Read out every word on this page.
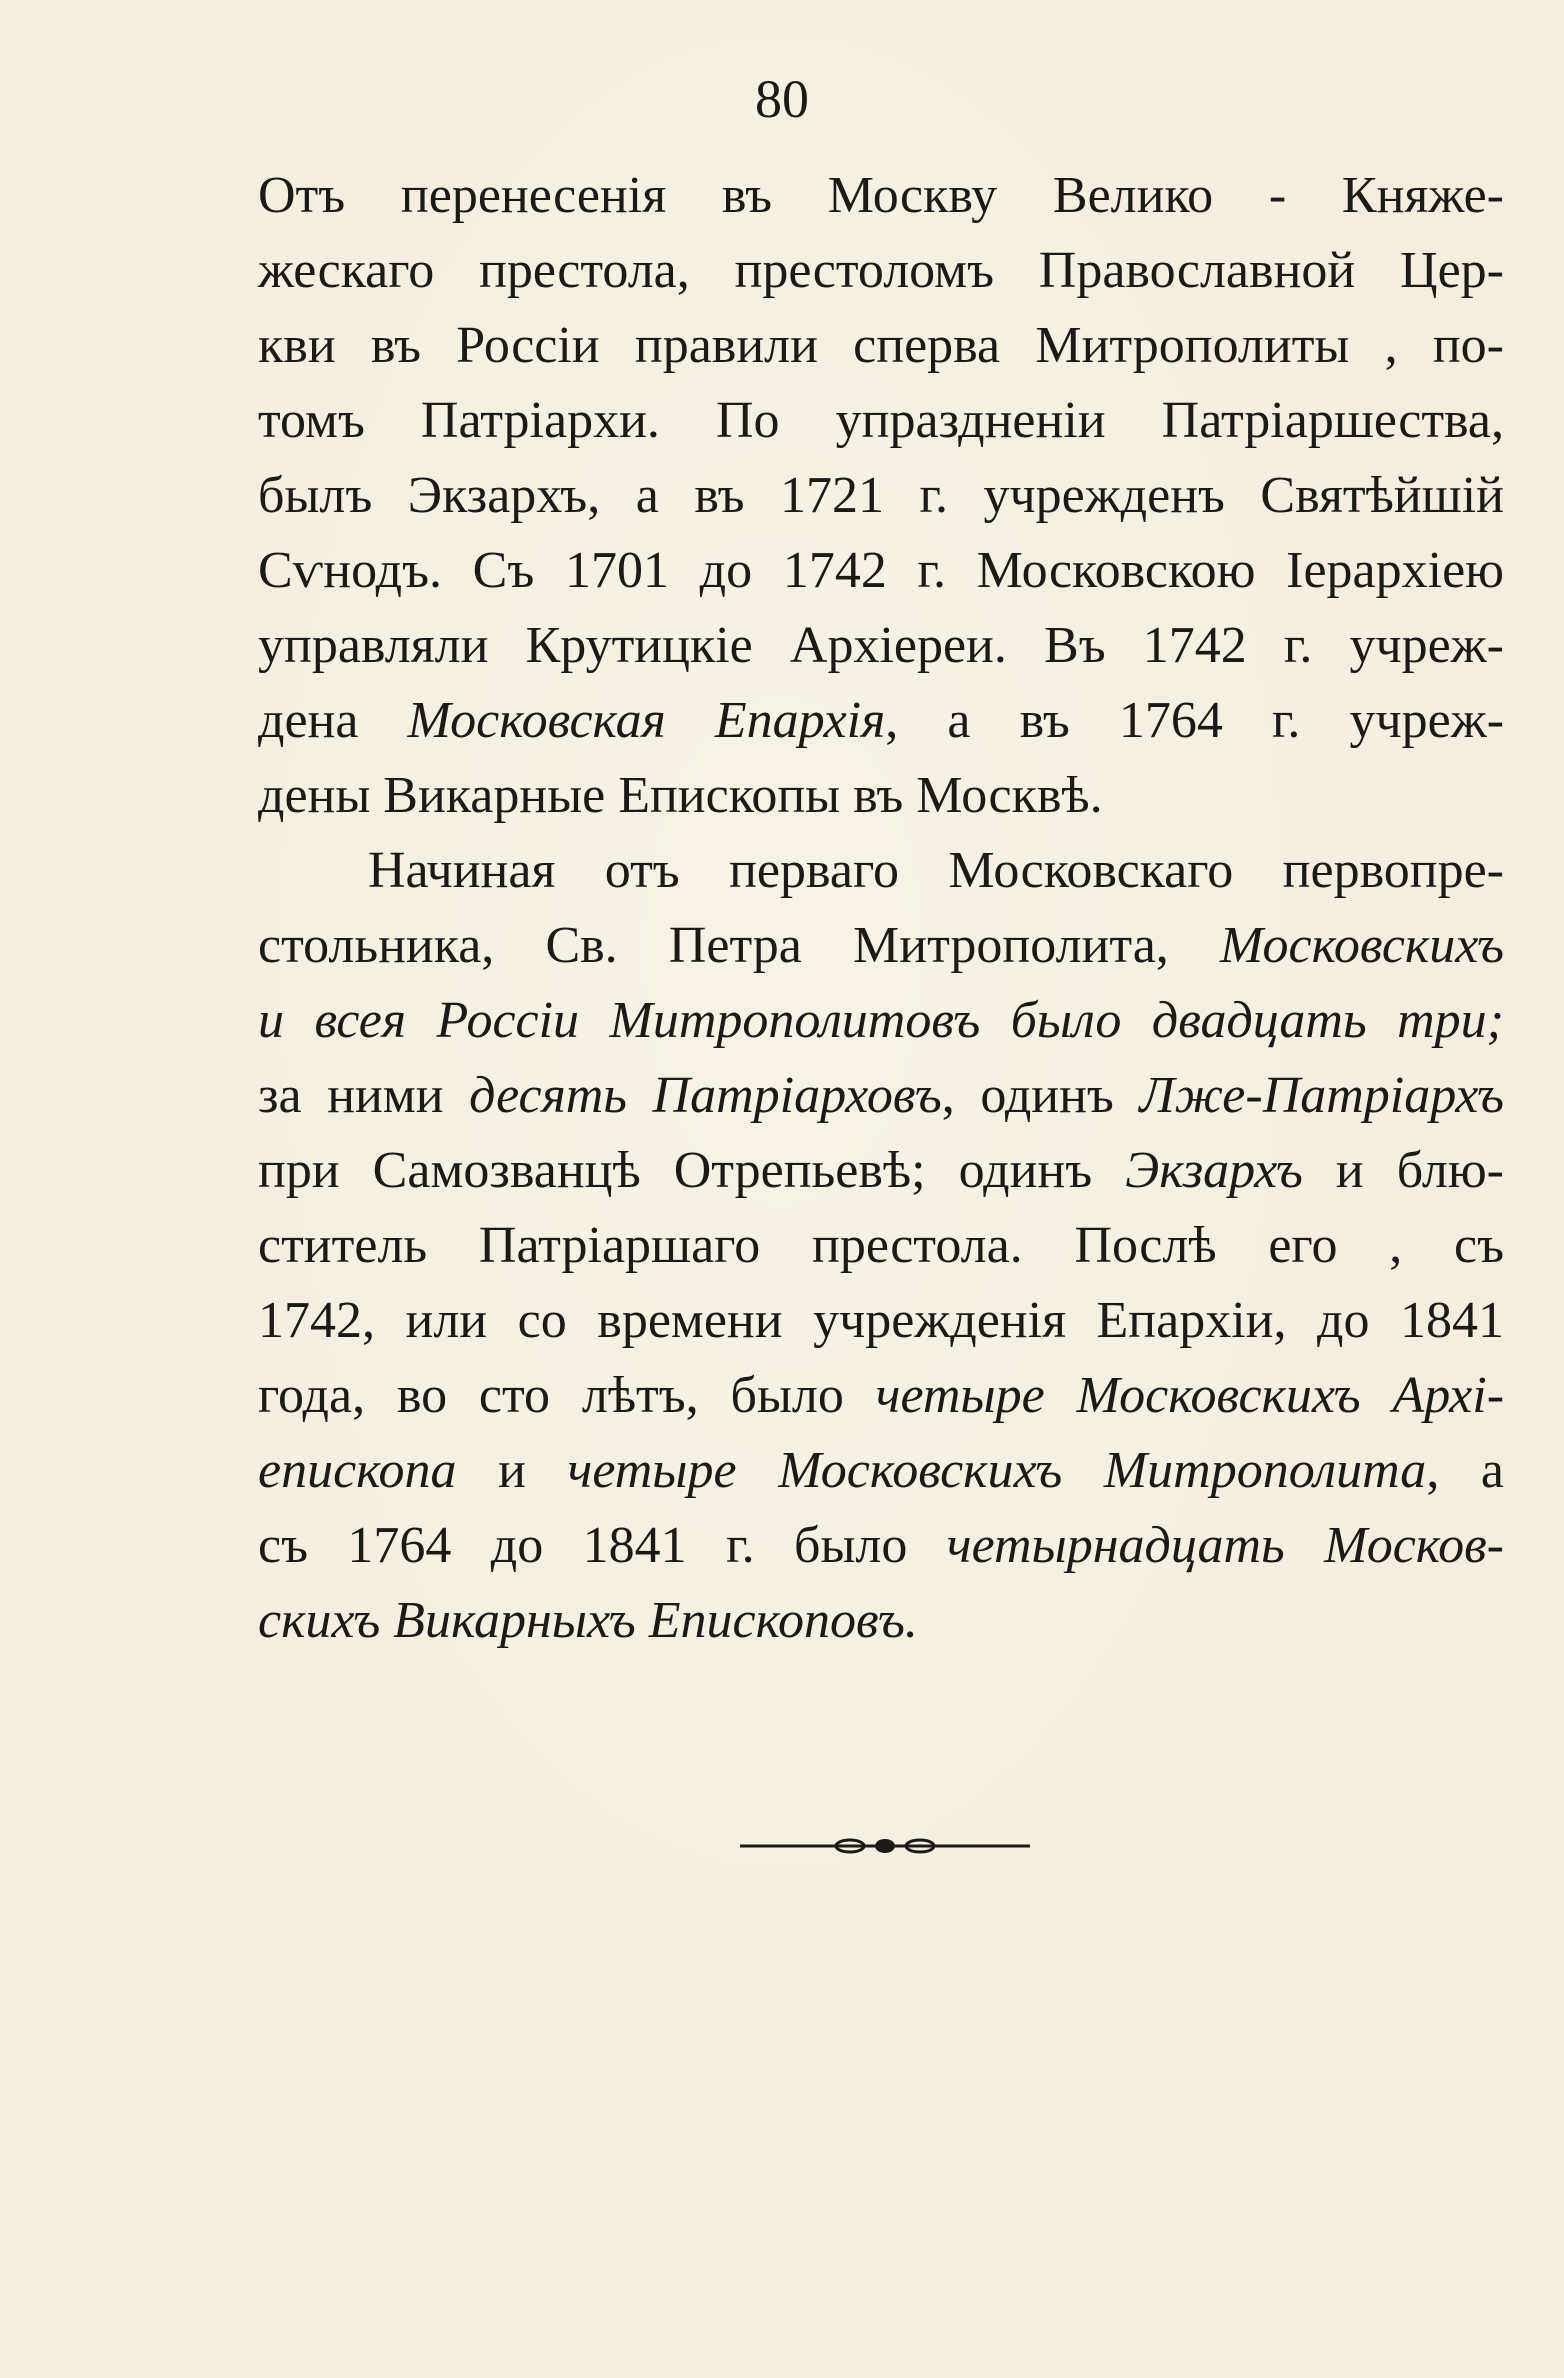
80
Отъ перенесенія въ Москву Велико - Княже-
жескаго престола, престоломъ Православной Цер-
кви въ Россіи правили сперва Митрополиты , по-
томъ Патріархи. По упраздненіи Патріаршества,
былъ Экзархъ, а въ 1721 г. учрежденъ Святѣйшій
Сѵнодъ. Съ 1701 до 1742 г. Московскою Іерархіею
управляли Крутицкіе Архіереи. Въ 1742 г. учреж-
дена Московская Епархія, а въ 1764 г. учреж-
дены Викарные Епископы въ Москвѣ.
Начиная отъ перваго Московскаго первопре-
стольника, Св. Петра Митрополита, Московскихъ
и всея Россіи Митрополитовъ было двадцать три;
за ними десять Патріарховъ, одинъ Лже-Патріархъ
при Самозванцѣ Отрепьевѣ; одинъ Экзархъ и блю-
ститель Патріаршаго престола. Послѣ его , съ
1742, или со времени учрежденія Епархіи, до 1841
года, во сто лѣтъ, было четыре Московскихъ Архі-
епископа и четыре Московскихъ Митрополита, а
съ 1764 до 1841 г. было четырнадцать Москов-
скихъ Викарныхъ Епископовъ.
